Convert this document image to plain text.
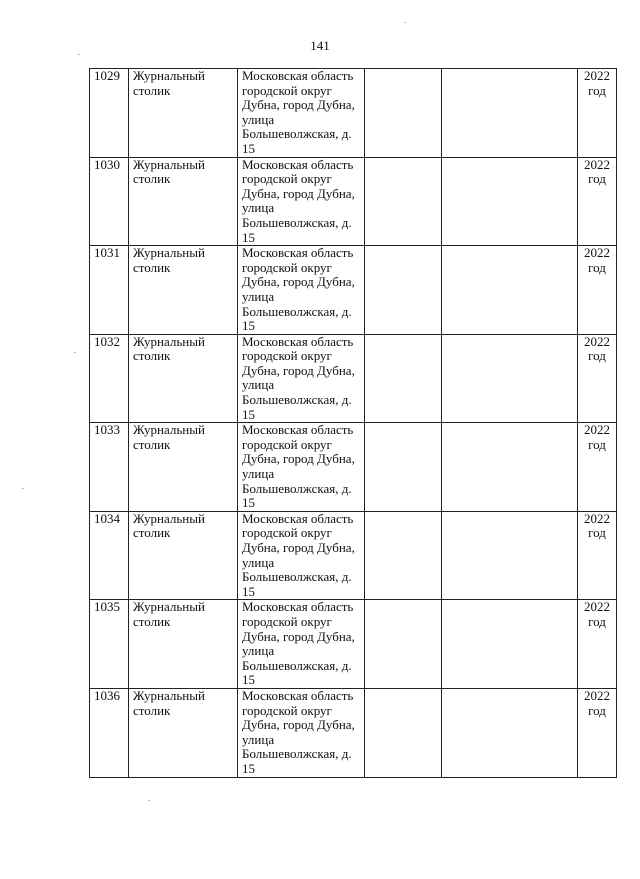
141
1029	Журнальный столик	Московская область городской округ Дубна, город Дубна, улица Большеволжская, д. 15			2022
год

1030	Журнальный столик	Московская область городской округ Дубна, город Дубна, улица Большеволжская, д. 15			2022
год

1031	Журнальный столик	Московская область городской округ Дубна, город Дубна, улица Большеволжская, д. 15			2022
год

1032	Журнальный столик	Московская область городской округ Дубна, город Дубна, улица Большеволжская, д. 15			2022
год

1033	Журнальный столик	Московская область городской округ Дубна, город Дубна, улица Большеволжская, д. 15			2022
год

1034	Журнальный столик	Московская область городской округ Дубна, город Дубна, улица Большеволжская, д. 15			2022
год

1035	Журнальный столик	Московская область городской округ Дубна, город Дубна, улица Большеволжская, д. 15			2022
год

1036	Журнальный столик	Московская область городской округ Дубна, город Дубна, улица Большеволжская, д. 15			2022
год
